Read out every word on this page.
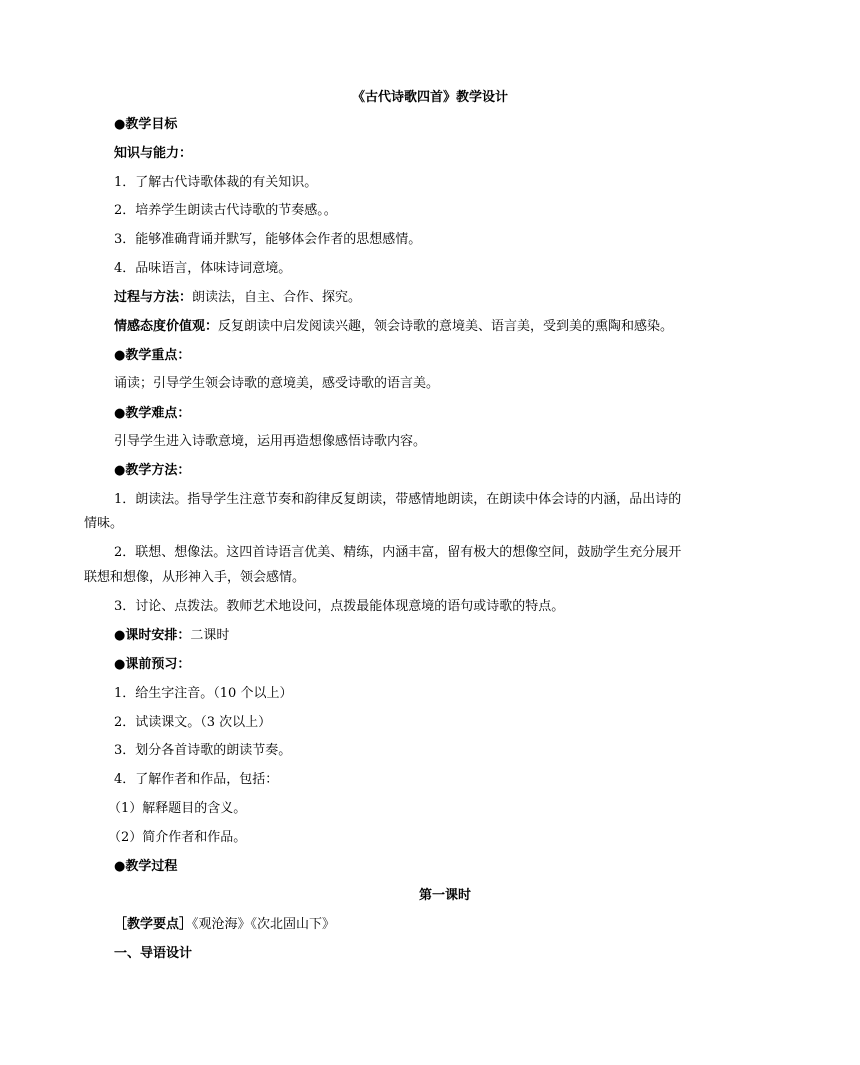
《古代诗歌四首》教学设计
●教学目标
知识与能力：
1．了解古代诗歌体裁的有关知识。
2．培养学生朗读古代诗歌的节奏感。。
3．能够准确背诵并默写，能够体会作者的思想感情。
4．品味语言，体味诗词意境。
过程与方法：朗读法，自主、合作、探究。
情感态度价值观：反复朗读中启发阅读兴趣，领会诗歌的意境美、语言美，受到美的熏陶和感染。
●教学重点：
诵读；引导学生领会诗歌的意境美，感受诗歌的语言美。
●教学难点：
引导学生进入诗歌意境，运用再造想像感悟诗歌内容。
●教学方法：
1．朗读法。指导学生注意节奏和韵律反复朗读，带感情地朗读，在朗读中体会诗的内涵，品出诗的
情味。
2．联想、想像法。这四首诗语言优美、精练，内涵丰富，留有极大的想像空间，鼓励学生充分展开
联想和想像，从形神入手，领会感情。
3．讨论、点拨法。教师艺术地设问，点拨最能体现意境的语句或诗歌的特点。
●课时安排：二课时
●课前预习：
1．给生字注音。（10 个以上）
2．试读课文。（3 次以上）
3．划分各首诗歌的朗读节奏。
4．了解作者和作品，包括：
（1）解释题目的含义。
（2）简介作者和作品。
●教学过程
第一课时
［教学要点］《观沧海》《次北固山下》
一、导语设计
